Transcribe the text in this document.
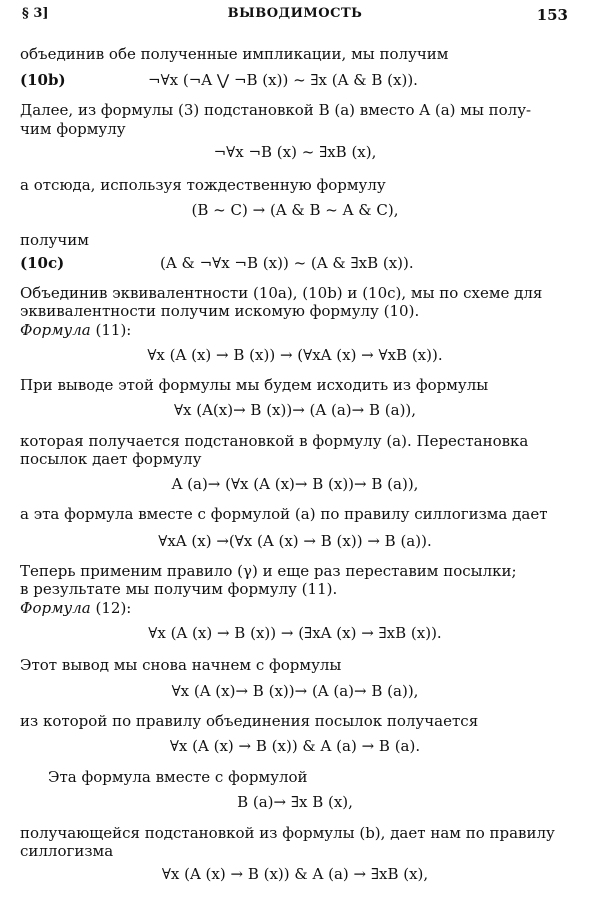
§ 3]	ВЫВОДИМОСТЬ	153
объединив обе полученные импликации, мы получим
(10b)	¬∀x (¬A ⋁ ¬B (x)) ~ ∃x (A & B (x)).
Далее, из формулы (3) подстановкой B (a) вместо A (a) мы полу-
чим формулу
¬∀x ¬B (x) ~ ∃xB (x),
а отсюда, используя тождественную формулу
(B ~ C) → (A & B ~ A & C),
получим
(10c)	(A & ¬∀x ¬B (x)) ~ (A & ∃xB (x)).
Объединив эквивалентности (10a), (10b) и (10c), мы по схеме для
эквивалентности получим искомую формулу (10).
Формула (11):
∀x (A (x) → B (x)) → (∀xA (x) → ∀xB (x)).
При выводе этой формулы мы будем исходить из формулы
∀x (A(x)→ B (x))→ (A (a)→ B (a)),
которая получается подстановкой в формулу (a). Перестановка
посылок дает формулу
A (a)→ (∀x (A (x)→ B (x))→ B (a)),
а эта формула вместе с формулой (a) по правилу силлогизма дает
∀xA (x) →(∀x (A (x) → B (x)) → B (a)).
Теперь применим правило (γ) и еще раз переставим посылки;
в результате мы получим формулу (11).
Формула (12):
∀x (A (x) → B (x)) → (∃xA (x) → ∃xB (x)).
Этот вывод мы снова начнем с формулы
∀x (A (x)→ B (x))→ (A (a)→ B (a)),
из которой по правилу объединения посылок получается
∀x (A (x) → B (x)) & A (a) → B (a).
Эта формула вместе с формулой
B (a)→ ∃x B (x),
получающейся подстановкой из формулы (b), дает нам по правилу
силлогизма
∀x (A (x) → B (x)) & A (a) → ∃xB (x),
